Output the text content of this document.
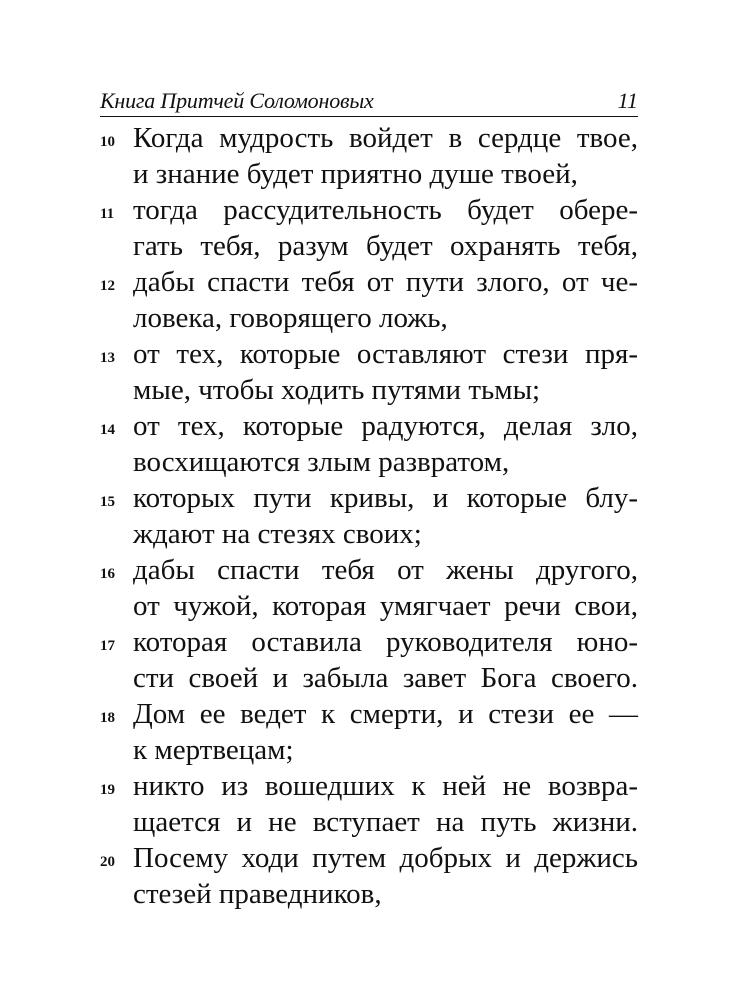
Книга Притчей Соломоновых	11
10 Когда мудрость войдет в сердце твое,
и знание будет приятно душе твоей,
11 тогда рассудительность будет обере-
гать тебя, разум будет охранять тебя,
12 дабы спасти тебя от пути злого, от че-
ловека, говорящего ложь,
13 от тех, которые оставляют стези пря-
мые, чтобы ходить путями тьмы;
14 от тех, которые радуются, делая зло,
восхищаются злым развратом,
15 которых пути кривы, и которые блу-
ждают на стезях своих;
16 дабы спасти тебя от жены другого,
от чужой, которая умягчает речи свои,
17 которая оставила руководителя юно-
сти своей и забыла завет Бога своего.
18 Дом ее ведет к смерти, и стези ее —
к мертвецам;
19 никто из вошедших к ней не возвра-
щается и не вступает на путь жизни.
20 Посему ходи путем добрых и держись
стезей праведников,
